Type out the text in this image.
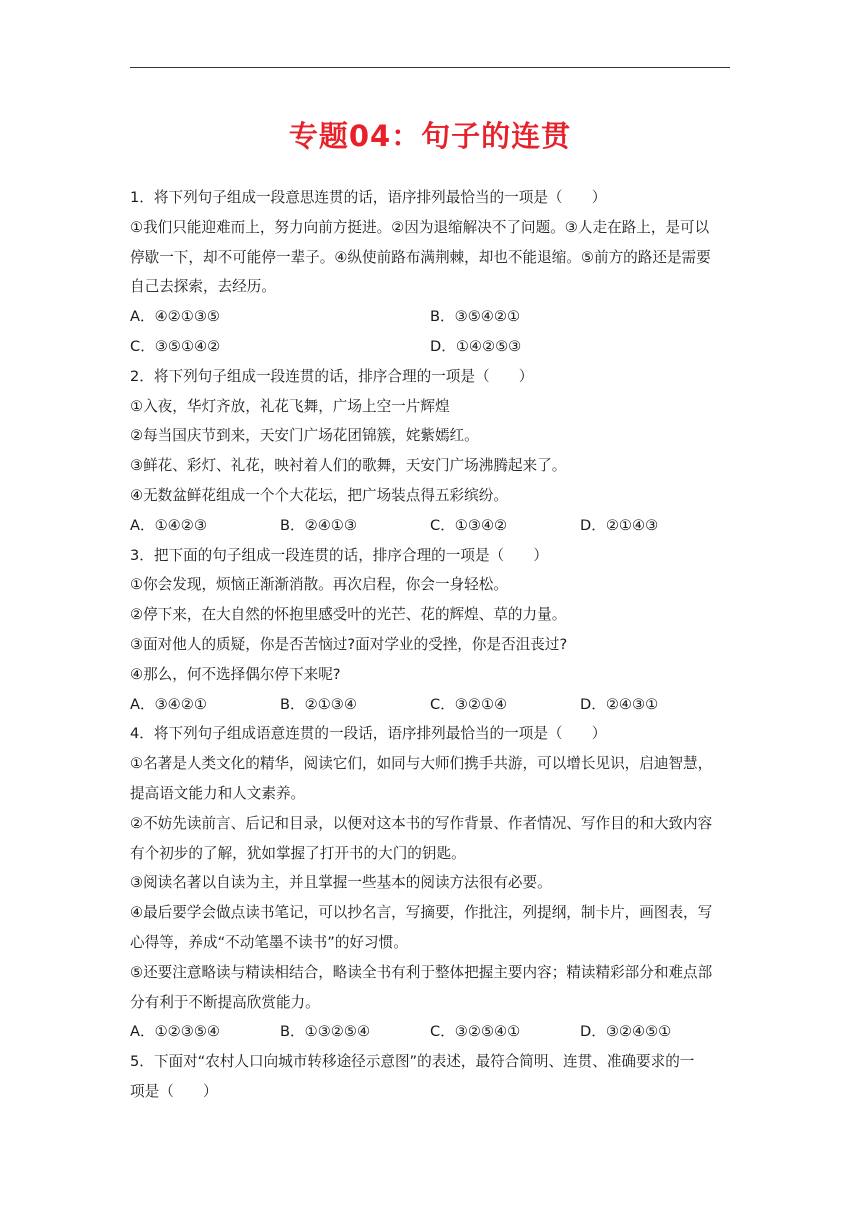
专题04：句子的连贯
1．将下列句子组成一段意思连贯的话，语序排列最恰当的一项是（　　）
①我们只能迎难而上，努力向前方挺进。②因为退缩解决不了问题。③人走在路上，是可以
停歇一下，却不可能停一辈子。④纵使前路布满荆棘，却也不能退缩。⑤前方的路还是需要
自己去探索，去经历。
A．④②①③⑤	B．③⑤④②①
C．③⑤①④②	D．①④②⑤③
2．将下列句子组成一段连贯的话，排序合理的一项是（　　）
①入夜，华灯齐放，礼花飞舞，广场上空一片辉煌
②每当国庆节到来，天安门广场花团锦簇，姹紫嫣红。
③鲜花、彩灯、礼花，映衬着人们的歌舞，天安门广场沸腾起来了。
④无数盆鲜花组成一个个大花坛，把广场装点得五彩缤纷。
A．①④②③	B．②④①③	C．①③④②	D．②①④③
3．把下面的句子组成一段连贯的话，排序合理的一项是（　　）
①你会发现，烦恼正渐渐消散。再次启程，你会一身轻松。
②停下来，在大自然的怀抱里感受叶的光芒、花的辉煌、草的力量。
③面对他人的质疑，你是否苦恼过?面对学业的受挫，你是否沮丧过?
④那么，何不选择偶尔停下来呢?
A．③④②①	B．②①③④	C．③②①④	D．②④③①
4．将下列句子组成语意连贯的一段话，语序排列最恰当的一项是（　　）
①名著是人类文化的精华，阅读它们，如同与大师们携手共游，可以增长见识，启迪智慧，
提高语文能力和人文素养。
②不妨先读前言、后记和目录，以便对这本书的写作背景、作者情况、写作目的和大致内容
有个初步的了解，犹如掌握了打开书的大门的钥匙。
③阅读名著以自读为主，并且掌握一些基本的阅读方法很有必要。
④最后要学会做点读书笔记，可以抄名言，写摘要，作批注，列提纲，制卡片，画图表，写
心得等，养成“不动笔墨不读书”的好习惯。
⑤还要注意略读与精读相结合，略读全书有利于整体把握主要内容；精读精彩部分和难点部
分有利于不断提高欣赏能力。
A．①②③⑤④	B．①③②⑤④	C．③②⑤④①	D．③②④⑤①
5．下面对“农村人口向城市转移途径示意图”的表述，最符合简明、连贯、准确要求的一
项是（　　）
